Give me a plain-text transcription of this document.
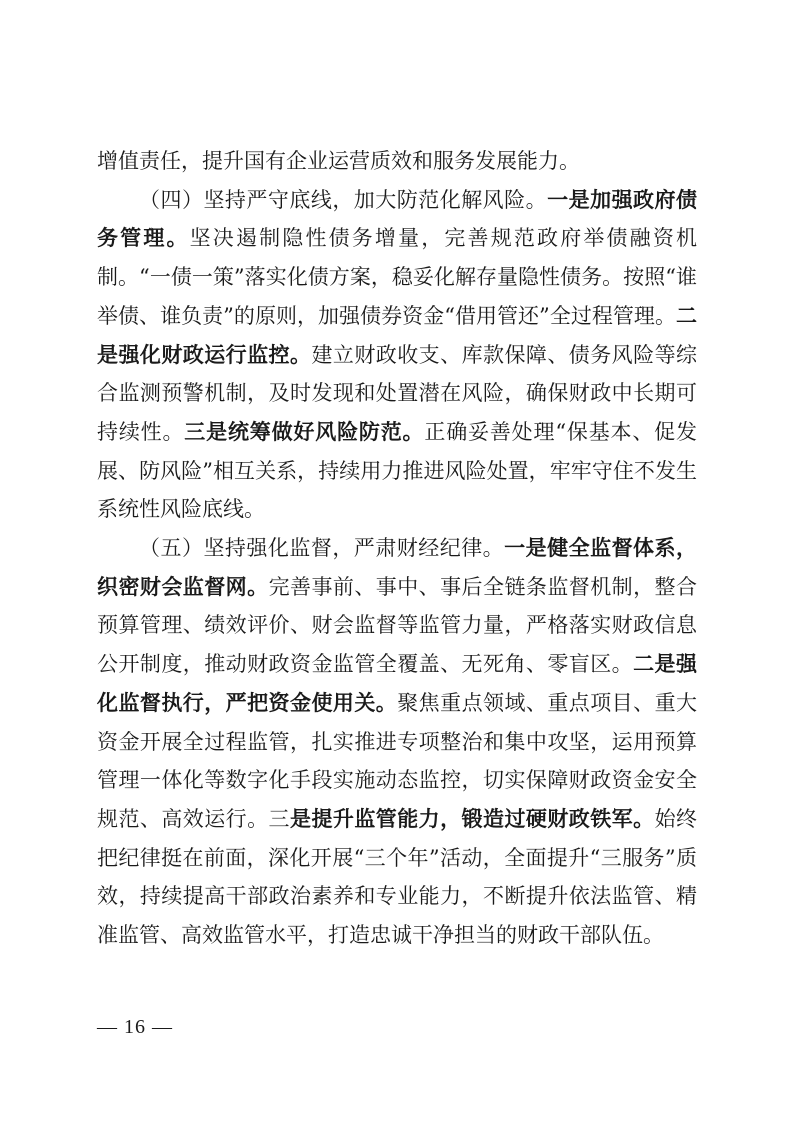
增值责任，提升国有企业运营质效和服务发展能力。

（四）坚持严守底线，加大防范化解风险。一是加强政府债务管理。坚决遏制隐性债务增量，完善规范政府举债融资机制。“一债一策”落实化债方案，稳妥化解存量隐性债务。按照“谁举债、谁负责”的原则，加强债券资金“借用管还”全过程管理。二是强化财政运行监控。建立财政收支、库款保障、债务风险等综合监测预警机制，及时发现和处置潜在风险，确保财政中长期可持续性。三是统筹做好风险防范。正确妥善处理“保基本、促发展、防风险”相互关系，持续用力推进风险处置，牢牢守住不发生系统性风险底线。

（五）坚持强化监督，严肃财经纪律。一是健全监督体系，织密财会监督网。完善事前、事中、事后全链条监督机制，整合预算管理、绩效评价、财会监督等监管力量，严格落实财政信息公开制度，推动财政资金监管全覆盖、无死角、零盲区。二是强化监督执行，严把资金使用关。聚焦重点领域、重点项目、重大资金开展全过程监管，扎实推进专项整治和集中攻坚，运用预算管理一体化等数字化手段实施动态监控，切实保障财政资金安全规范、高效运行。三是提升监管能力，锻造过硬财政铁军。始终把纪律挺在前面，深化开展“三个年”活动，全面提升“三服务”质效，持续提高干部政治素养和专业能力，不断提升依法监管、精准监管、高效监管水平，打造忠诚干净担当的财政干部队伍。

— 16 —
